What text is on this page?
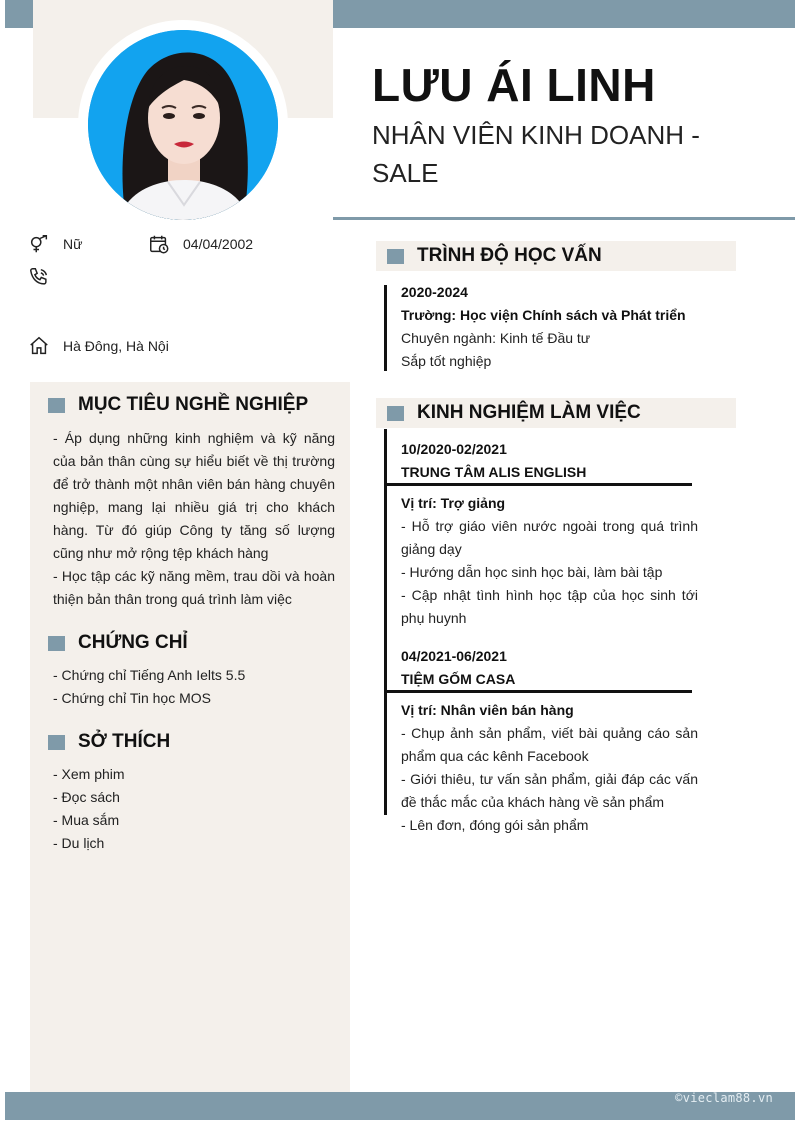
LƯU ÁI LINH
NHÂN VIÊN KINH DOANH - SALE
Nữ	04/04/2002
Hà Đông, Hà Nội
MỤC TIÊU NGHỀ NGHIỆP
- Áp dụng những kinh nghiệm và kỹ năng của bản thân cùng sự hiểu biết về thị trường để trở thành một nhân viên bán hàng chuyên nghiệp, mang lại nhiều giá trị cho khách hàng. Từ đó giúp Công ty tăng số lượng cũng như mở rộng tệp khách hàng
- Học tập các kỹ năng mềm, trau dồi và hoàn thiện bản thân trong quá trình làm việc
CHỨNG CHỈ
- Chứng chỉ Tiếng Anh Ielts 5.5
- Chứng chỉ Tin học MOS
SỞ THÍCH
- Xem phim
- Đọc sách
- Mua sắm
- Du lịch
TRÌNH ĐỘ HỌC VẤN
2020-2024
Trường: Học viện Chính sách và Phát triển
Chuyên ngành: Kinh tế Đầu tư
Sắp tốt nghiệp
KINH NGHIỆM LÀM VIỆC
10/2020-02/2021
TRUNG TÂM ALIS ENGLISH
Vị trí: Trợ giảng
- Hỗ trợ giáo viên nước ngoài trong quá trình giảng dạy
- Hướng dẫn học sinh học bài, làm bài tập
- Cập nhật tình hình học tập của học sinh tới phụ huynh
04/2021-06/2021
TIỆM GỐM CASA
Vị trí: Nhân viên bán hàng
- Chụp ảnh sản phẩm, viết bài quảng cáo sản phẩm qua các kênh Facebook
- Giới thiêu, tư vấn sản phẩm, giải đáp các vấn đề thắc mắc của khách hàng về sản phẩm
- Lên đơn, đóng gói sản phẩm
©vieclam88.vn
